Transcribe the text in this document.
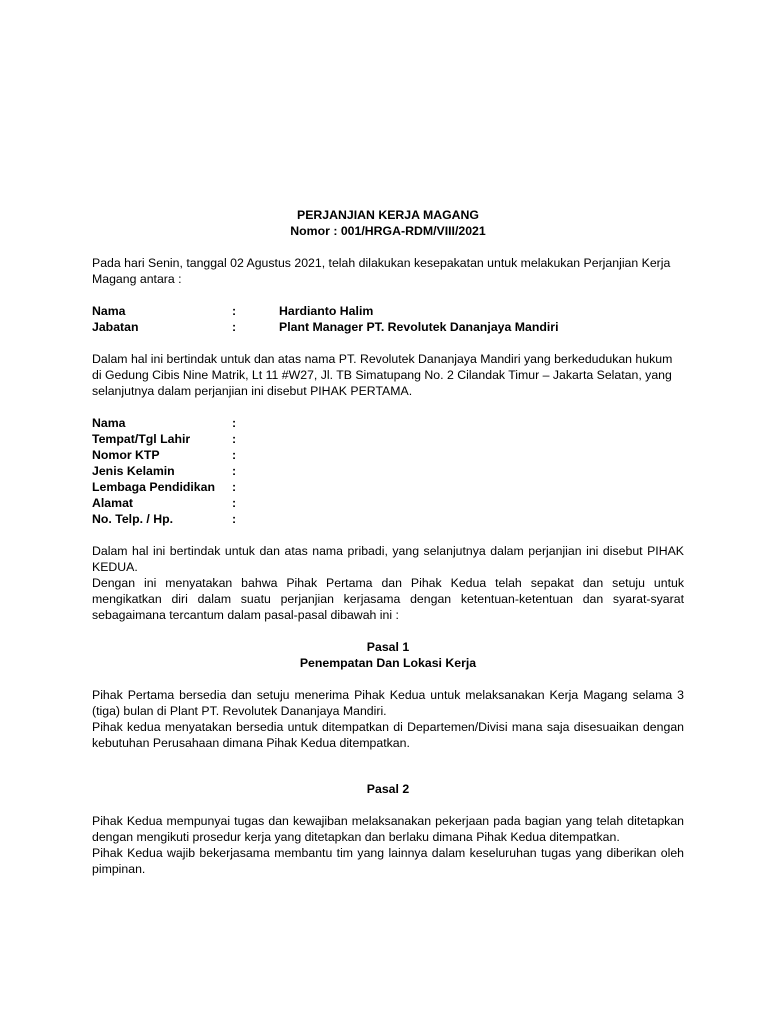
PERJANJIAN KERJA MAGANG
Nomor : 001/HRGA-RDM/VIII/2021
Pada hari Senin, tanggal 02 Agustus 2021, telah dilakukan kesepakatan untuk melakukan Perjanjian Kerja Magang antara :
Nama	:	Hardianto Halim
Jabatan	:	Plant Manager PT. Revolutek Dananjaya Mandiri
Dalam hal ini bertindak untuk dan atas nama PT. Revolutek Dananjaya Mandiri yang berkedudukan hukum di Gedung Cibis Nine Matrik, Lt 11 #W27, Jl. TB Simatupang No. 2 Cilandak Timur – Jakarta Selatan, yang selanjutnya dalam perjanjian ini disebut PIHAK PERTAMA.
Nama	:
Tempat/Tgl Lahir	:
Nomor KTP	:
Jenis Kelamin	:
Lembaga Pendidikan	:
Alamat	:
No. Telp. / Hp.	:
Dalam hal ini bertindak untuk dan atas nama pribadi, yang selanjutnya dalam perjanjian ini disebut PIHAK KEDUA.
Dengan ini menyatakan bahwa Pihak Pertama dan Pihak Kedua telah sepakat dan setuju untuk mengikatkan diri dalam suatu perjanjian kerjasama dengan ketentuan-ketentuan dan syarat-syarat sebagaimana tercantum dalam pasal-pasal dibawah ini :
Pasal 1
Penempatan Dan Lokasi Kerja
Pihak Pertama bersedia dan setuju menerima Pihak Kedua untuk melaksanakan Kerja Magang selama 3 (tiga) bulan di Plant PT. Revolutek Dananjaya Mandiri.
Pihak kedua menyatakan bersedia untuk ditempatkan di Departemen/Divisi mana saja disesuaikan dengan kebutuhan Perusahaan dimana Pihak Kedua ditempatkan.
Pasal 2
Pihak Kedua mempunyai tugas dan kewajiban melaksanakan pekerjaan pada bagian yang telah ditetapkan dengan mengikuti prosedur kerja yang ditetapkan dan berlaku dimana Pihak Kedua ditempatkan.
Pihak Kedua wajib bekerjasama membantu tim yang lainnya dalam keseluruhan tugas yang diberikan oleh pimpinan.
